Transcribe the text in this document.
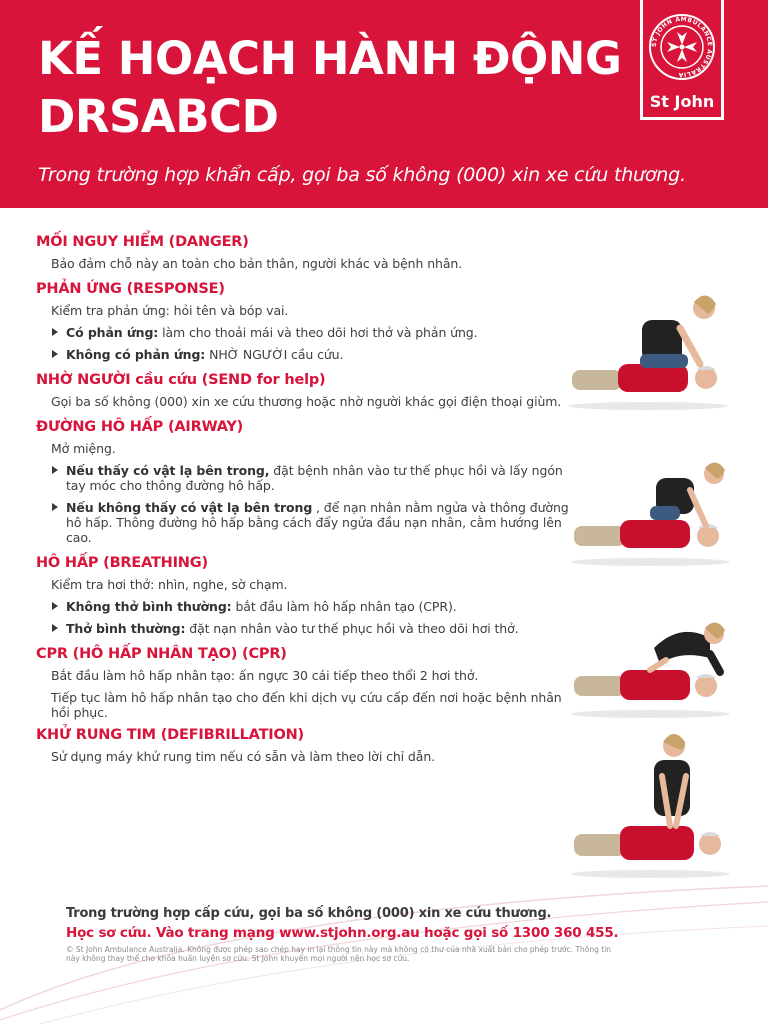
KẾ HOẠCH HÀNH ĐỘNG
DRSABCD
Trong trường hợp khẩn cấp, gọi ba số không (000) xin xe cứu thương.
ST JOHN AMBULANCE AUSTRALIA
St John
MỐI NGUY HIỂM (DANGER)
Bảo đảm chỗ này an toàn cho bản thân, người khác và bệnh nhân.
PHẢN ỨNG (RESPONSE)
Kiểm tra phản ứng: hỏi tên và bóp vai.
Có phản ứng: làm cho thoải mái và theo dõi hơi thở và phản ứng.
Không có phản ứng: NHỜ NGƯỜI cầu cứu.
NHỜ NGƯỜI cầu cứu (SEND for help)
Gọi ba số không (000) xin xe cứu thương hoặc nhờ người khác gọi điện thoại giùm.
ĐƯỜNG HÔ HẤP (AIRWAY)
Mở miệng.
Nếu thấy có vật lạ bên trong, đặt bệnh nhân vào tư thế phục hồi và lấy ngón tay móc cho thông đường hô hấp.
Nếu không thấy có vật lạ bên trong , để nạn nhân nằm ngửa và thông đường hô hấp. Thông đường hô hấp bằng cách đẩy ngửa đầu nạn nhân, cằm hướng lên cao.
HÔ HẤP (BREATHING)
Kiểm tra hơi thở: nhìn, nghe, sờ chạm.
Không thở bình thường: bắt đầu làm hô hấp nhân tạo (CPR).
Thở bình thường: đặt nạn nhân vào tư thế phục hồi và theo dõi hơi thở.
CPR (HÔ HẤP NHÂN TẠO) (CPR)
Bắt đầu làm hô hấp nhân tạo: ấn ngực 30 cái tiếp theo thổi 2 hơi thở.
Tiếp tục làm hô hấp nhân tạo cho đến khi dịch vụ cứu cấp đến nơi hoặc bệnh nhân hồi phục.
KHỬ RUNG TIM (DEFIBRILLATION)
Sử dụng máy khử rung tim nếu có sẵn và làm theo lời chỉ dẫn.
Trong trường hợp cấp cứu, gọi ba số không (000) xin xe cứu thương.
Học sơ cứu. Vào trang mạng www.stjohn.org.au hoặc gọi số 1300 360 455.
© St John Ambulance Australia. Không được phép sao chép hay in lại thông tin này mà không có thư của nhà xuất bản cho phép trước. Thông tin này không thay thế cho khóa huấn luyện sơ cứu. St John khuyến mọi người nên học sơ cứu.
